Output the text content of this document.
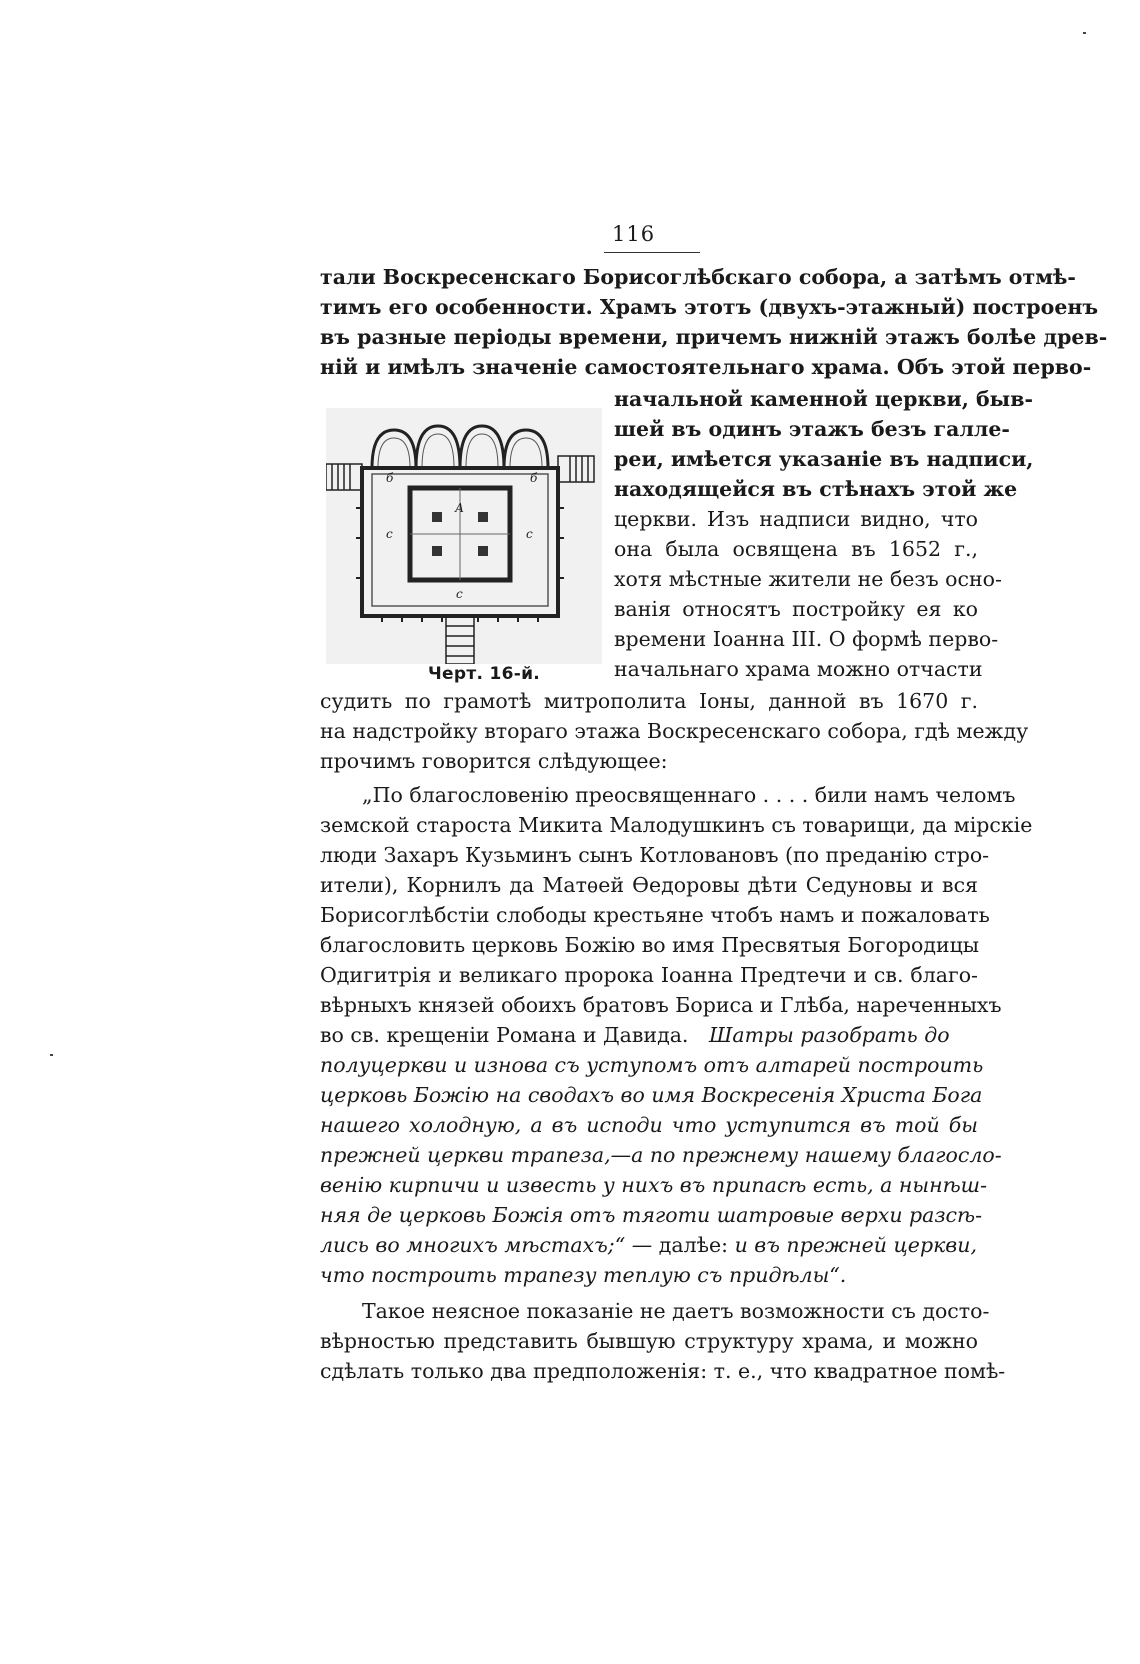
116
тали Воскресенскаго Борисоглѣбскаго собора, а затѣмъ отмѣ-
тимъ его особенности. Храмъ этотъ (двухъ-этажный) построенъ
въ разные періоды времени, причемъ нижній этажъ болѣе древ-
ній и имѣлъ значеніе самостоятельнаго храма. Объ этой перво-
начальной каменной церкви, быв-
шей въ одинъ этажъ безъ галле-
реи, имѣется указаніе въ надписи,
находящейся въ стѣнахъ этой же
церкви. Изъ надписи видно, что
она была освящена въ 1652 г.,
хотя мѣстные жители не безъ осно-
ванія относятъ постройку ея ко
времени Іоанна III. О формѣ перво-
начальнаго храма можно отчасти
А
с	с
с
б	б
Черт. 16-й.
судить по грамотѣ митрополита Іоны, данной въ 1670 г.
на надстройку втораго этажа Воскресенскаго собора, гдѣ между
прочимъ говорится слѣдующее:
„По благословенію преосвященнаго . . . . били намъ челомъ
земской староста Микита Малодушкинъ съ товарищи, да мірскіе
люди Захаръ Кузьминъ сынъ Котлованoвъ (по преданію стро-
ители), Корнилъ да Матѳей Ѳедоровы дѣти Седуновы и вся
Борисоглѣбстіи слободы крестьяне чтобъ намъ и пожаловать
благословить церковь Божію во имя Пресвятыя Богородицы
Одигитрія и великаго пророка Іоанна Предтечи и св. благо-
вѣрныхъ князей обоихъ братовъ Бориса и Глѣба, нареченныхъ
во св. крещеніи Романа и Давида. Шатры разобрать до
полуцеркви и изнова съ уступомъ отъ алтарей построить
церковь Божію на сводахъ во имя Воскресенія Христа Бога
нашего холодную, а въ исподи что уступится въ той бы
прежней церкви трапеза,—а по прежнему нашему благосло-
венію кирпичи и известь у нихъ въ припасѣ есть, а нынѣш-
няя де церковь Божія отъ тяготи шатровые верхи разсѣ-
лись во многихъ мѣстахъ;“ — далѣе: и въ прежней церкви,
что построить трапезу теплую съ придѣлы“.
Такое неясное показаніе не даетъ возможности съ досто-
вѣрностью представить бывшую структуру храма, и можно
сдѣлать только два предположенія: т. е., что квадратное помѣ-
